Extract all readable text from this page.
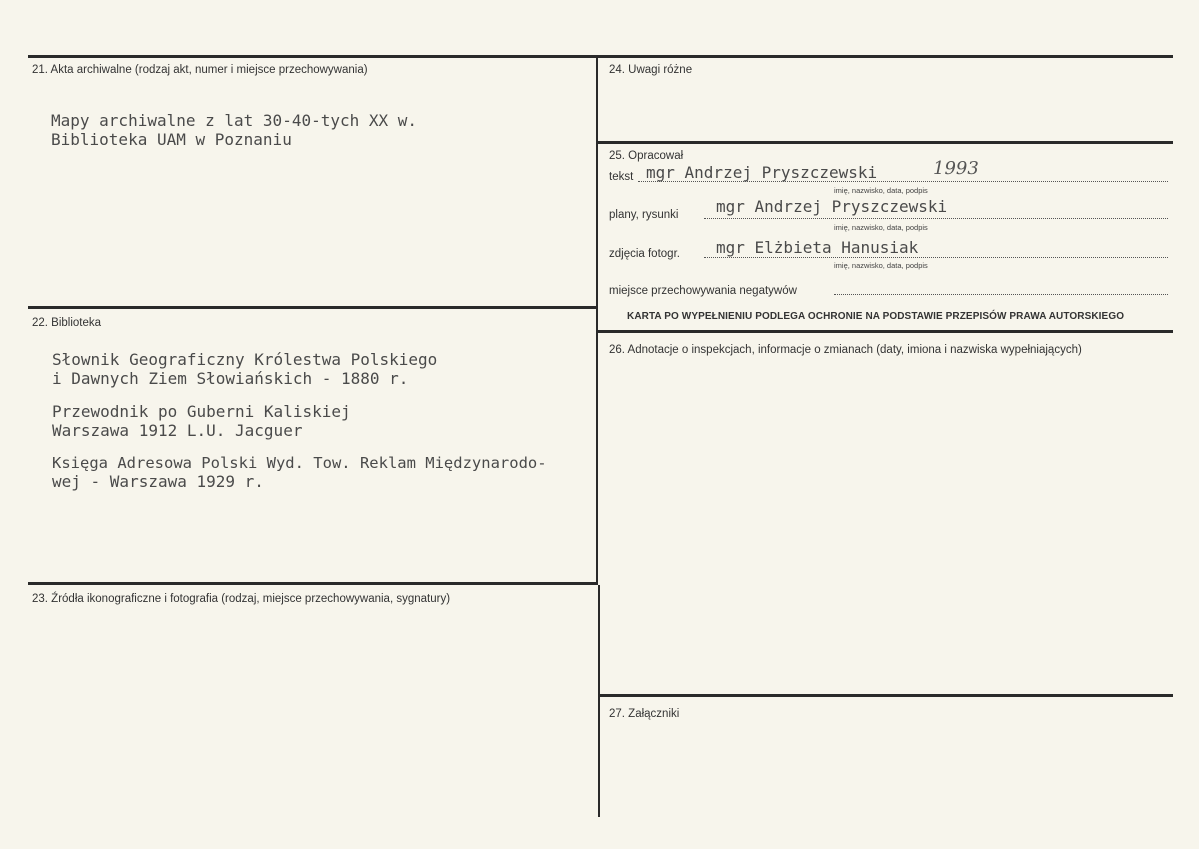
21. Akta archiwalne (rodzaj akt, numer i miejsce przechowywania)
Mapy archiwalne z lat 30-40-tych XX w.
Biblioteka UAM w Poznaniu
22. Biblioteka
Słownik Geograficzny Królestwa Polskiego
i Dawnych Ziem Słowiańskich - 1880 r.
Przewodnik po Guberni Kaliskiej
Warszawa 1912 L.U. Jacguer
Księga Adresowa Polski Wyd. Tow. Reklam Międzynarodo-
wej - Warszawa 1929 r.
23. Źródła ikonograficzne i fotografia (rodzaj, miejsce przechowywania, sygnatury)
24. Uwagi różne
25. Opracował
tekst mgr Andrzej Pryszczewski	1993
imię, nazwisko, data, podpis
plany, rysunki mgr Andrzej Pryszczewski
imię, nazwisko, data, podpis
zdjęcia fotogr. mgr Elżbieta Hanusiak
imię, nazwisko, data, podpis
miejsce przechowywania negatywów
KARTA PO WYPEŁNIENIU PODLEGA OCHRONIE NA PODSTAWIE PRZEPISÓW PRAWA AUTORSKIEGO
26. Adnotacje o inspekcjach, informacje o zmianach (daty, imiona i nazwiska wypełniających)
27. Załączniki
